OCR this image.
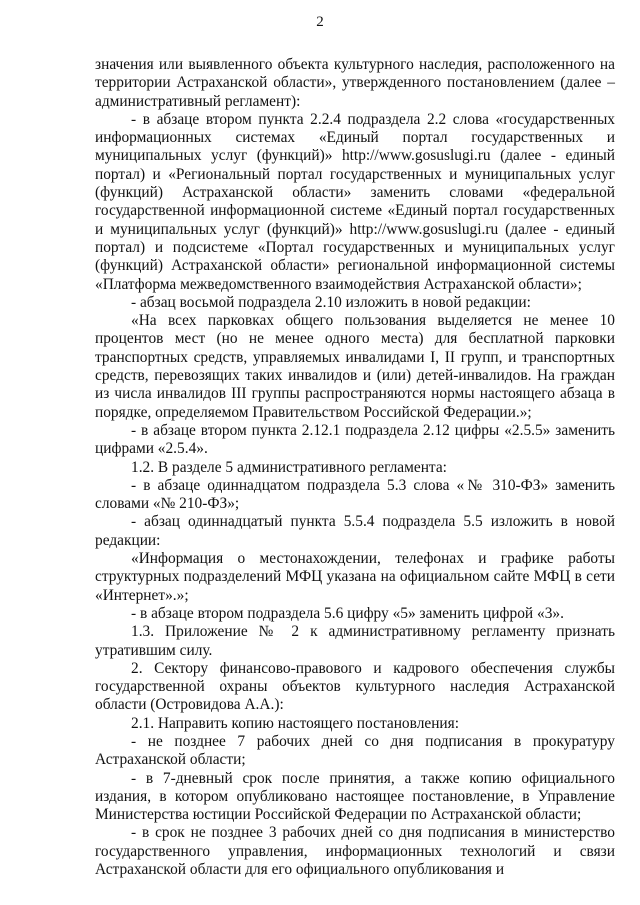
2

значения или выявленного объекта культурного наследия, расположенного на территории Астраханской области», утвержденного постановлением (далее – административный регламент):

- в абзаце втором пункта 2.2.4 подраздела 2.2 слова «государственных информационных системах «Единый портал государственных и муниципальных услуг (функций)» http://www.gosuslugi.ru (далее - единый портал) и «Региональный портал государственных и муниципальных услуг (функций) Астраханской области» заменить словами «федеральной государственной информационной системе «Единый портал государственных и муниципальных услуг (функций)» http://www.gosuslugi.ru (далее - единый портал) и подсистеме «Портал государственных и муниципальных услуг (функций) Астраханской области» региональной информационной системы «Платформа межведомственного взаимодействия Астраханской области»;

- абзац восьмой подраздела 2.10 изложить в новой редакции:

«На всех парковках общего пользования выделяется не менее 10 процентов мест (но не менее одного места) для бесплатной парковки транспортных средств, управляемых инвалидами I, II групп, и транспортных средств, перевозящих таких инвалидов и (или) детей-инвалидов. На граждан из числа инвалидов III группы распространяются нормы настоящего абзаца в порядке, определяемом Правительством Российской Федерации.»;

- в абзаце втором пункта 2.12.1 подраздела 2.12 цифры «2.5.5» заменить цифрами «2.5.4».

1.2. В разделе 5 административного регламента:

- в абзаце одиннадцатом подраздела 5.3 слова «№ 310-ФЗ» заменить словами «№ 210-ФЗ»;

- абзац одиннадцатый пункта 5.5.4 подраздела 5.5 изложить в новой редакции:

«Информация о местонахождении, телефонах и графике работы структурных подразделений МФЦ указана на официальном сайте МФЦ в сети «Интернет».»;

- в абзаце втором подраздела 5.6 цифру «5» заменить цифрой «3».

1.3. Приложение № 2 к административному регламенту признать утратившим силу.

2. Сектору финансово-правового и кадрового обеспечения службы государственной охраны объектов культурного наследия Астраханской области (Островидова А.А.):

2.1. Направить копию настоящего постановления:

- не позднее 7 рабочих дней со дня подписания в прокуратуру Астраханской области;

- в 7-дневный срок после принятия, а также копию официального издания, в котором опубликовано настоящее постановление, в Управление Министерства юстиции Российской Федерации по Астраханской области;

- в срок не позднее 3 рабочих дней со дня подписания в министерство государственного управления, информационных технологий и связи Астраханской области для его официального опубликования и
